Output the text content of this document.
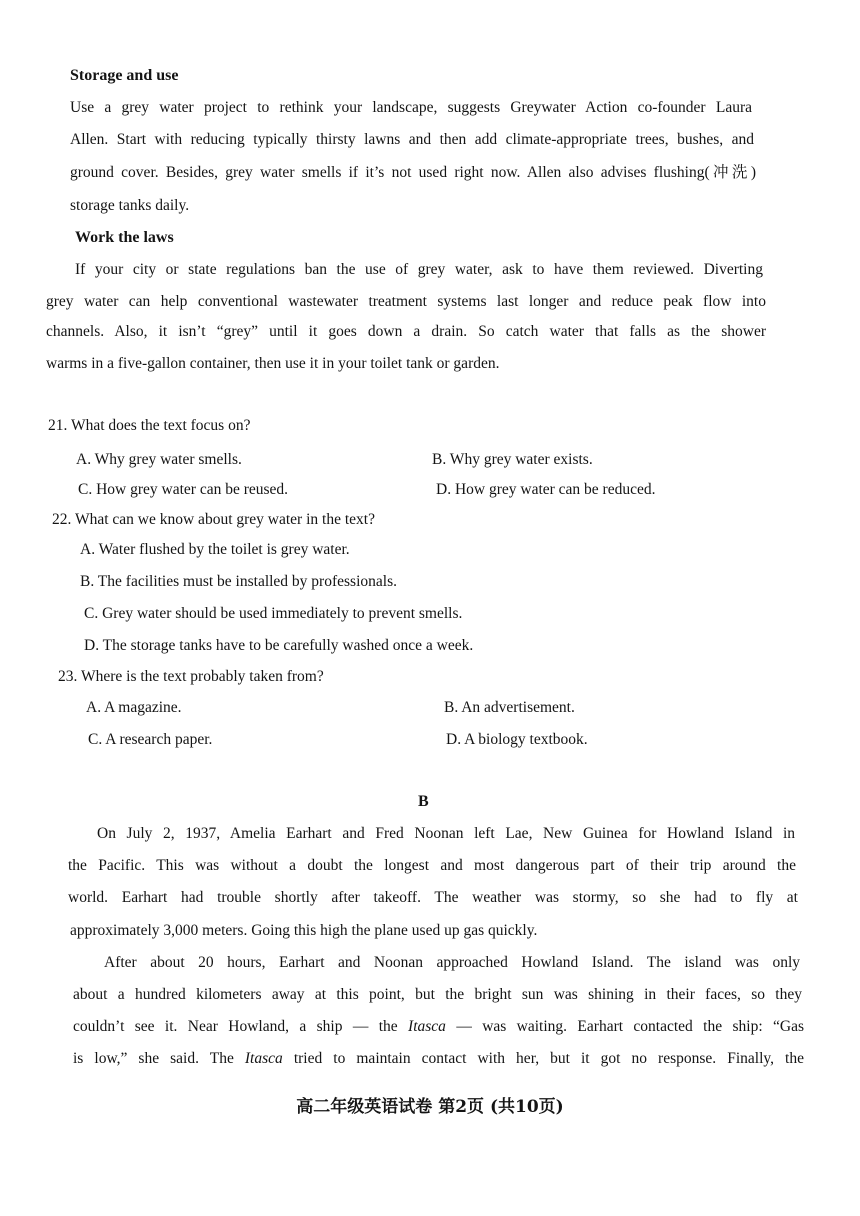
Storage and use
Use a grey water project to rethink your landscape, suggests Greywater Action co-founder Laura
Allen. Start with reducing typically thirsty lawns and then add climate-appropriate trees, bushes, and
ground cover. Besides, grey water smells if it’s not used right now. Allen also advises flushing(冲洗)
storage tanks daily.
Work the laws
If your city or state regulations ban the use of grey water, ask to have them reviewed. Diverting
grey water can help conventional wastewater treatment systems last longer and reduce peak flow into
channels. Also, it isn’t “grey” until it goes down a drain. So catch water that falls as the shower
warms in a five-gallon container, then use it in your toilet tank or garden.
21. What does the text focus on?
A. Why grey water smells.	B. Why grey water exists.
C. How grey water can be reused.	D. How grey water can be reduced.
22. What can we know about grey water in the text?
A. Water flushed by the toilet is grey water.
B. The facilities must be installed by professionals.
C. Grey water should be used immediately to prevent smells.
D. The storage tanks have to be carefully washed once a week.
23. Where is the text probably taken from?
A. A magazine.	B. An advertisement.
C. A research paper.	D. A biology textbook.
B
On July 2, 1937, Amelia Earhart and Fred Noonan left Lae, New Guinea for Howland Island in
the Pacific. This was without a doubt the longest and most dangerous part of their trip around the
world. Earhart had trouble shortly after takeoff. The weather was stormy, so she had to fly at
approximately 3,000 meters. Going this high the plane used up gas quickly.
After about 20 hours, Earhart and Noonan approached Howland Island. The island was only
about a hundred kilometers away at this point, but the bright sun was shining in their faces, so they
couldn’t see it. Near Howland, a ship — the Itasca — was waiting. Earhart contacted the ship: “Gas
is low,” she said. The Itasca tried to maintain contact with her, but it got no response. Finally, the
高二年级英语试卷 第2页 (共10页)
